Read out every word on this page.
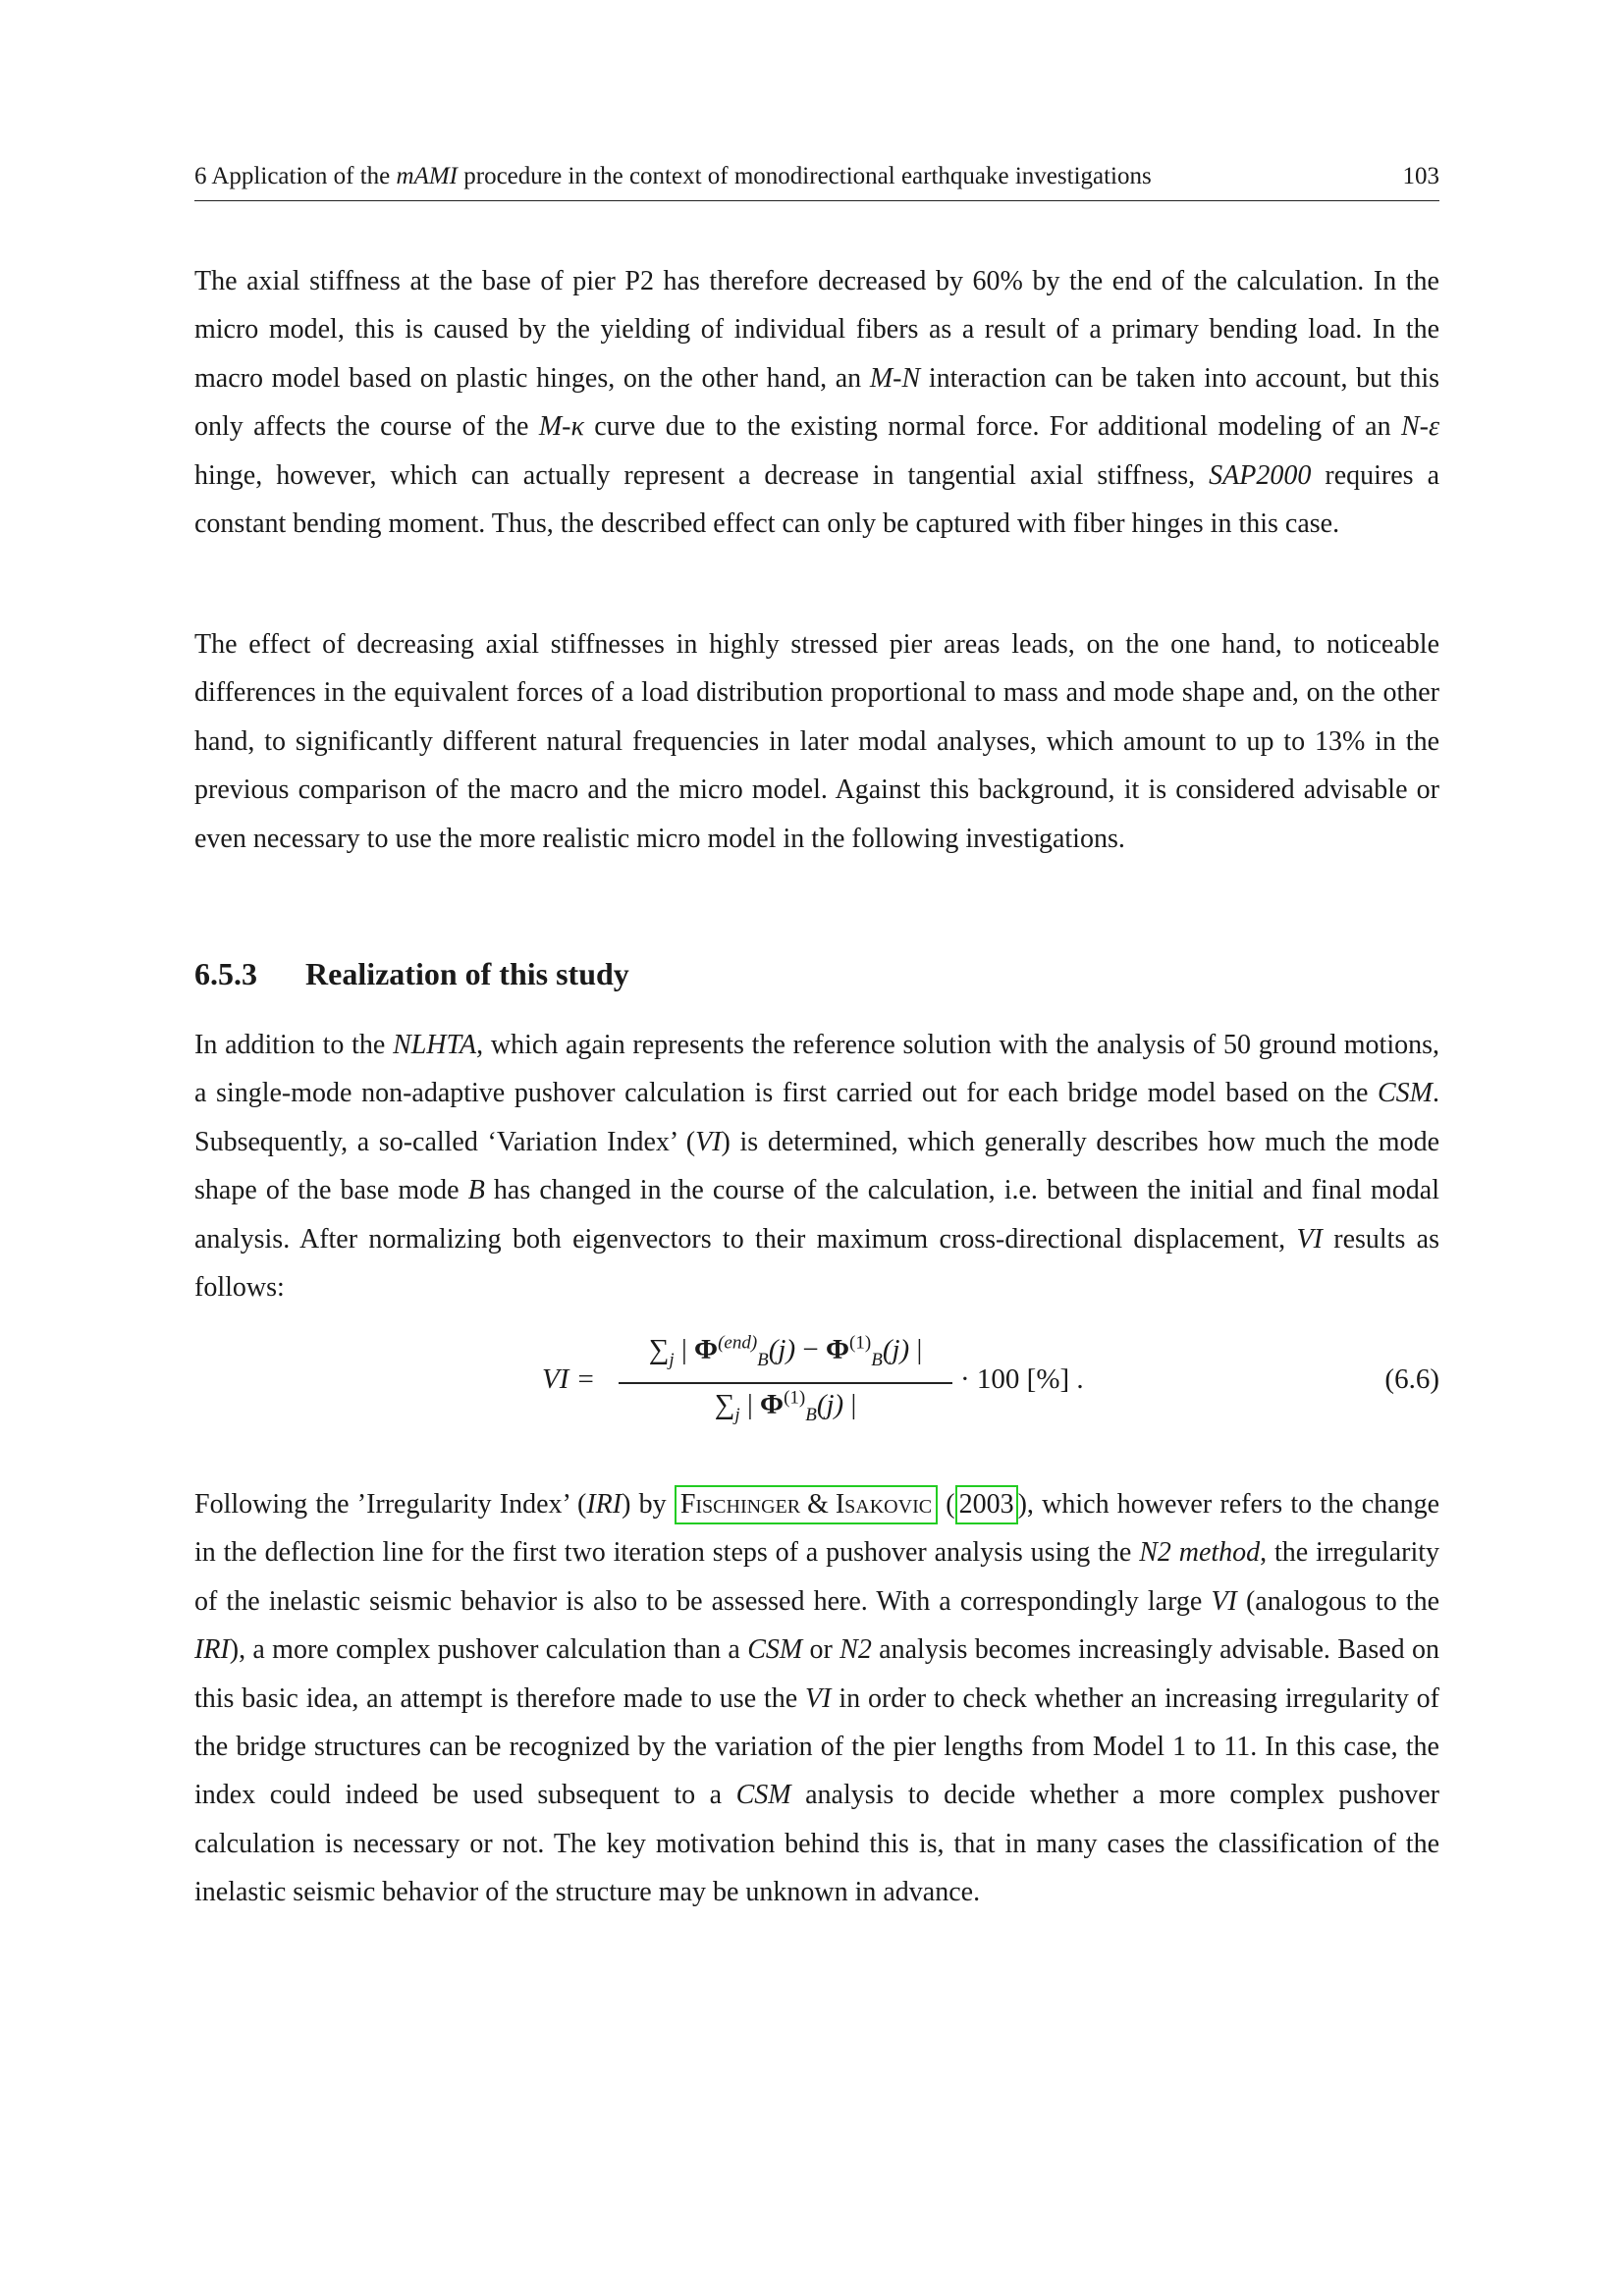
6 Application of the mAMI procedure in the context of monodirectional earthquake investigations	103

The axial stiffness at the base of pier P2 has therefore decreased by 60% by the end of the calculation. In the micro model, this is caused by the yielding of individual fibers as a result of a primary bending load. In the macro model based on plastic hinges, on the other hand, an M-N interaction can be taken into account, but this only affects the course of the M-κ curve due to the existing normal force. For additional modeling of an N-ε hinge, however, which can actually represent a decrease in tangential axial stiffness, SAP2000 requires a constant bending moment. Thus, the described effect can only be captured with fiber hinges in this case.

The effect of decreasing axial stiffnesses in highly stressed pier areas leads, on the one hand, to noticeable differences in the equivalent forces of a load distribution proportional to mass and mode shape and, on the other hand, to significantly different natural frequencies in later modal analyses, which amount to up to 13% in the previous comparison of the macro and the micro model. Against this background, it is considered advisable or even necessary to use the more realistic micro model in the following investigations.

6.5.3 Realization of this study

In addition to the NLHTA, which again represents the reference solution with the analysis of 50 ground motions, a single-mode non-adaptive pushover calculation is first carried out for each bridge model based on the CSM. Subsequently, a so-called ‘Variation Index’ (VI) is determined, which generally describes how much the mode shape of the base mode B has changed in the course of the calculation, i.e. between the initial and final modal analysis. After normalizing both eigenvectors to their maximum cross-directional displacement, VI results as follows:

VI =
$\sum_j$ | $\Phi^{(end)}_B(j) - \Phi^{(1)}_B(j)$ |
$\sum_j$ | $\Phi^{(1)}_B(j)$ |
· 100 [%] .	(6.6)

Following the ’Irregularity Index’ (IRI) by Fischinger & Isakovic ( 2003 ), which however refers to the change in the deflection line for the first two iteration steps of a pushover analysis using the N2 method, the irregularity of the inelastic seismic behavior is also to be assessed here. With a correspondingly large VI (analogous to the IRI), a more complex pushover calculation than a CSM or N2 analysis becomes increasingly advisable. Based on this basic idea, an attempt is therefore made to use the VI in order to check whether an increasing irregularity of the bridge structures can be recognized by the variation of the pier lengths from Model 1 to 11. In this case, the index could indeed be used subsequent to a CSM analysis to decide whether a more complex pushover calculation is necessary or not. The key motivation behind this is, that in many cases the classification of the inelastic seismic behavior of the structure may be unknown in advance.
